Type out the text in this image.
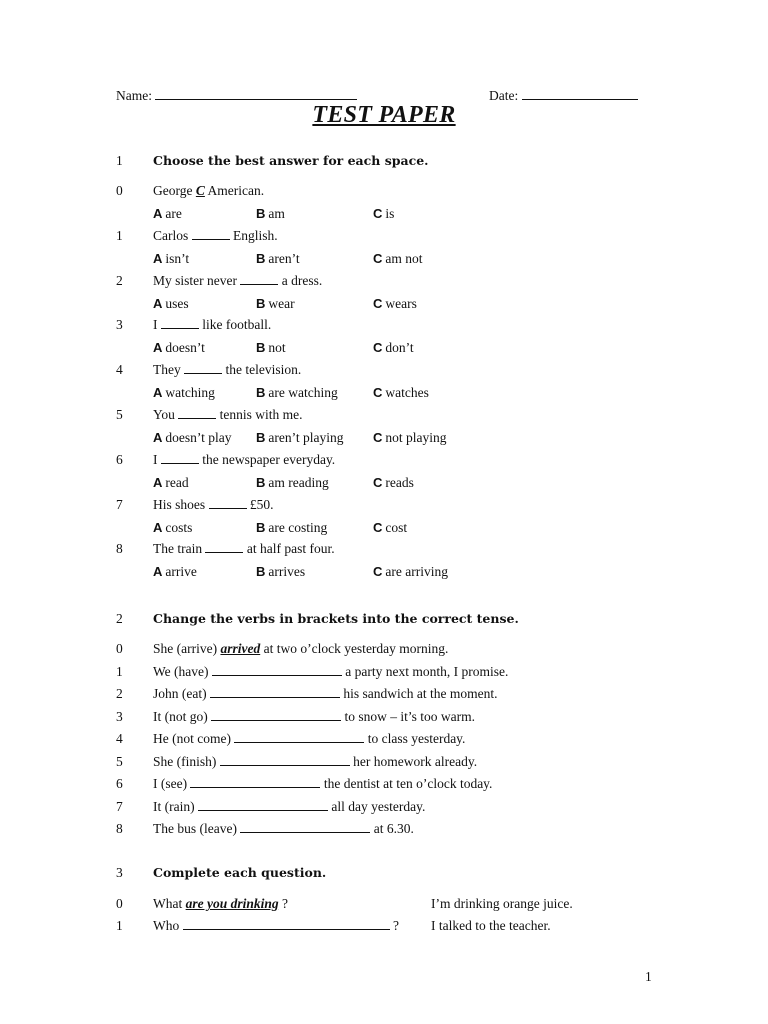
Name:	Date:
TEST PAPER
1 Choose the best answer for each space.
0 George C American.
A are	B am	C is
1 Carlos	English.
A isn’t	B aren’t	C am not
2 My sister never	a dress.
A uses	B wear	C wears
3 I	like football.
A doesn’t	B not	C don’t
4 They	the television.
A watching	B are watching	C watches
5 You	tennis with me.
A doesn’t play B aren’t playing C not playing
6 I	the newspaper everyday.
A read	B am reading	C reads
7 His shoes	£50.
A costs	B are costing	C cost
8 The train	at half past four.
A arrive	B arrives	C are arriving
2 Change the verbs in brackets into the correct tense.
0 She (arrive) arrived at two o’clock yesterday morning.
1 We (have)	a party next month, I promise.
2 John (eat)	his sandwich at the moment.
3 It (not go)	to snow – it’s too warm.
4 He (not come)	to class yesterday.
5 She (finish)	her homework already.
6 I (see)	the dentist at ten o’clock today.
7 It (rain)	all day yesterday.
8 The bus (leave)	at 6.30.
3 Complete each question.
0 What are you drinking ?	I’m drinking orange juice.
1 Who	? I talked to the teacher.
1
